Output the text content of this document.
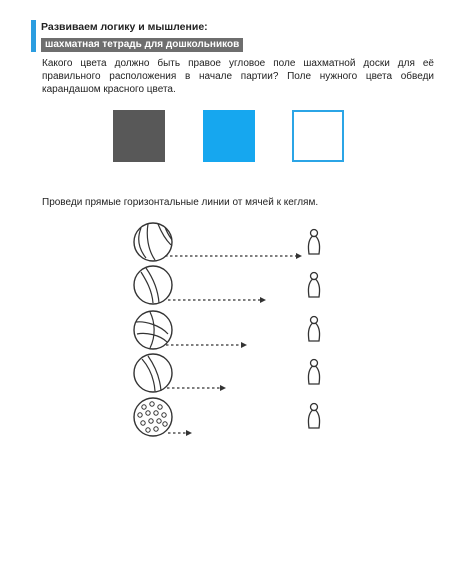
Развиваем логику и мышление:
шахматная тетрадь для дошкольников
Какого цвета должно быть правое угловое поле шахматной доски для её правильного расположения в начале партии? Поле нужного цвета обведи карандашом красного цвета.
Проведи прямые горизонтальные линии от мячей к кеглям.
